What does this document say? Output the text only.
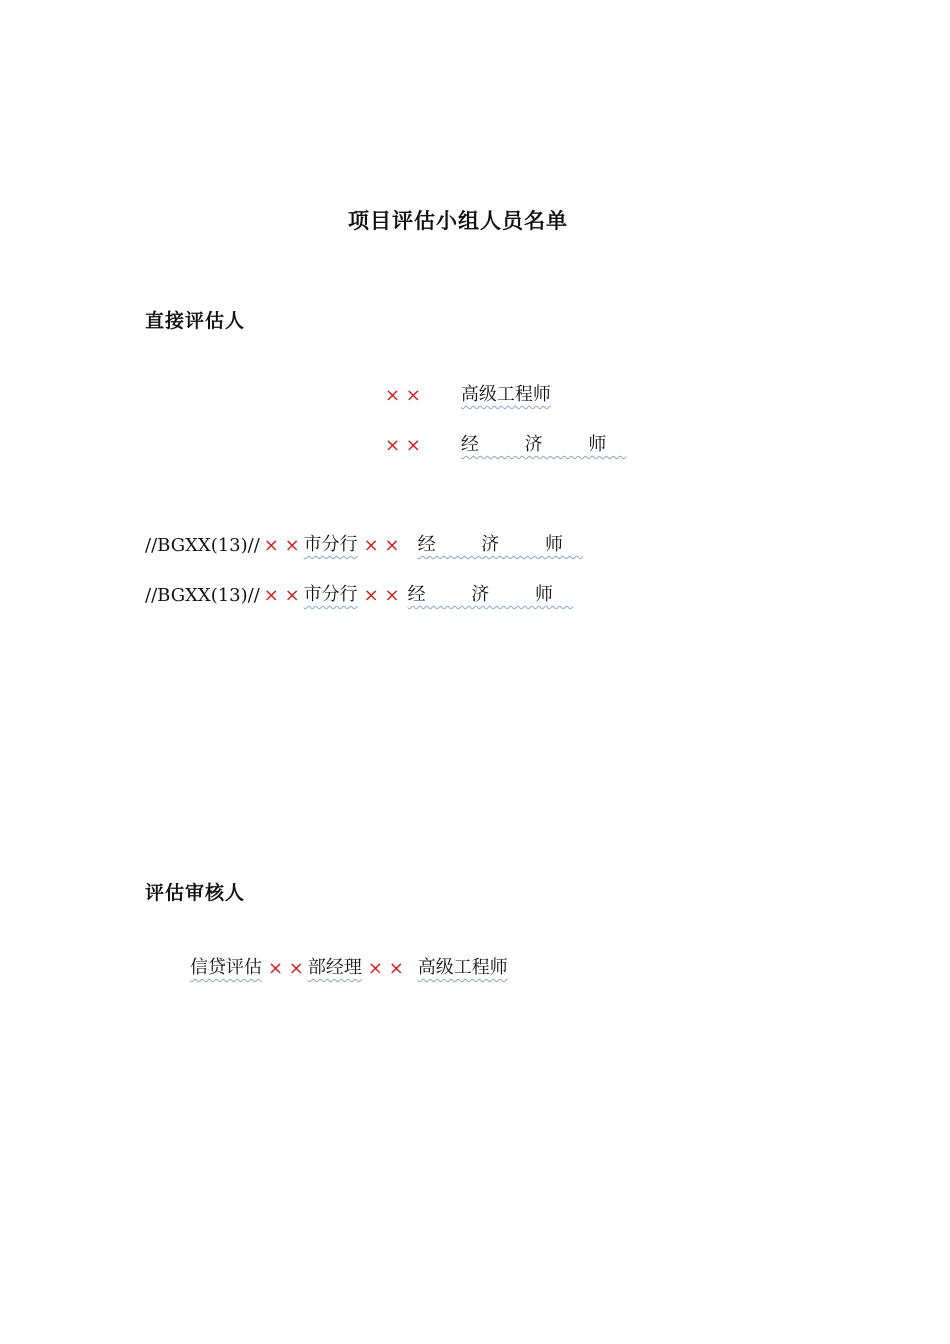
项目评估小组人员名单
直接评估人
× ×	高级工程师
× ×	经 济 师
//BGXX(13)// × × 市分行 × ×	经 济 师
//BGXX(13)// × × 市分行 × × 经 济 师
评估审核人
信贷评估 × × 部经理 × × 高级工程师
